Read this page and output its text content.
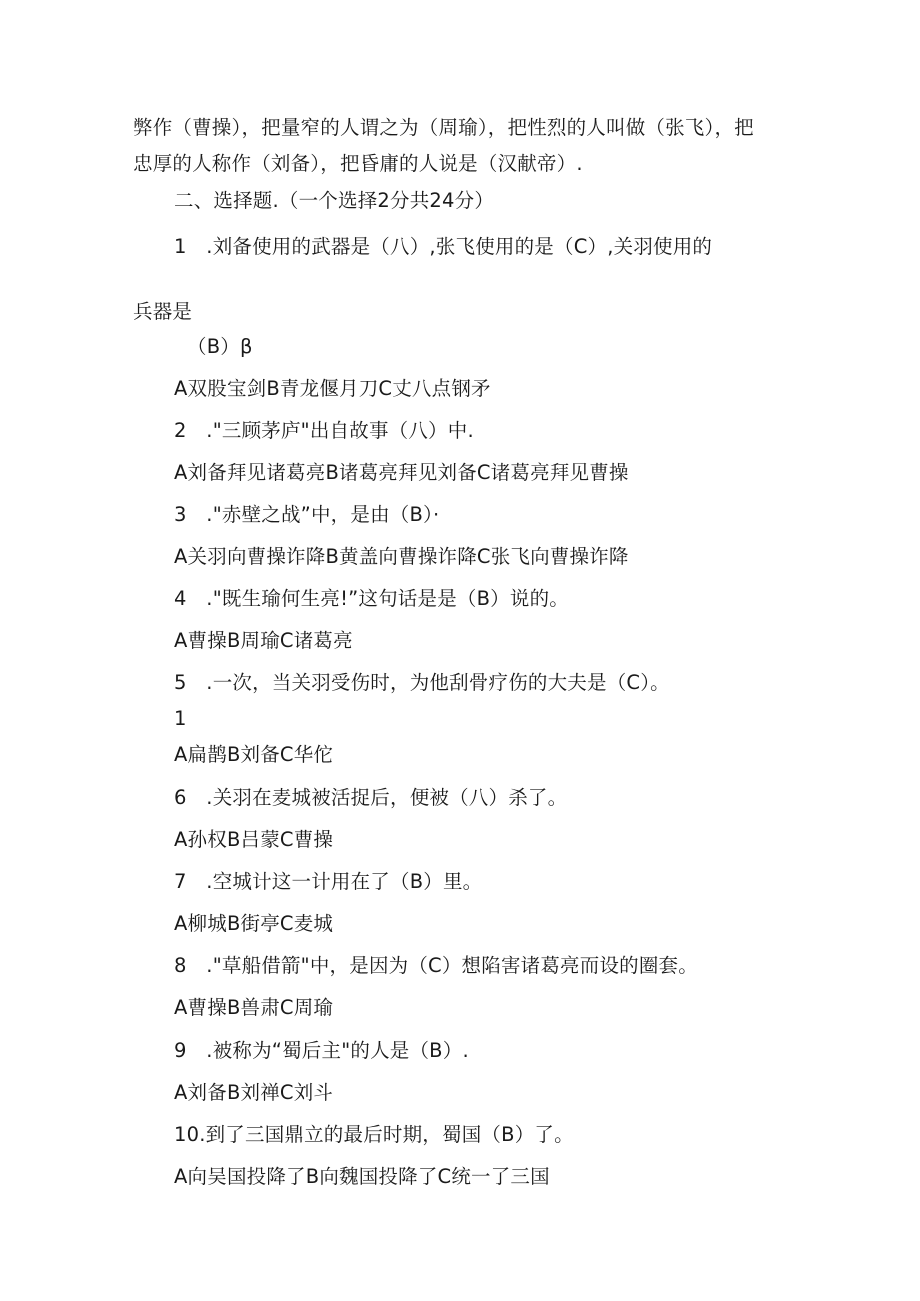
弊作（曹操），把量窄的人谓之为（周瑜），把性烈的人叫做（张飞），把
忠厚的人称作（刘备），把昏庸的人说是（汉献帝）.
二、选择题.（一个选择2分共24分）
1　.刘备使用的武器是（八）,张飞使用的是（C）,关羽使用的
兵器是
（B）β
A双股宝剑B青龙偃月刀C丈八点钢矛
2　."三顾茅庐"出自故事（八）中.
A刘备拜见诸葛亮B诸葛亮拜见刘备C诸葛亮拜见曹操
3　."赤壁之战”中，是由（B）·
A关羽向曹操诈降B黄盖向曹操诈降C张飞向曹操诈降
4　."既生瑜何生亮!”这句话是是（B）说的。
A曹操B周瑜C诸葛亮
5　.一次，当关羽受伤时，为他刮骨疗伤的大夫是（C）。
1
A扁鹊B刘备C华佗
6　.关羽在麦城被活捉后，便被（八）杀了。
A孙权B吕蒙C曹操
7　.空城计这一计用在了（B）里。
A柳城B街亭C麦城
8　."草船借箭"中，是因为（C）想陷害诸葛亮而设的圈套。
A曹操B兽肃C周瑜
9　.被称为“蜀后主"的人是（B）.
A刘备B刘禅C刘斗
10.到了三国鼎立的最后时期，蜀国（B）了。
A向吴国投降了B向魏国投降了C统一了三国
